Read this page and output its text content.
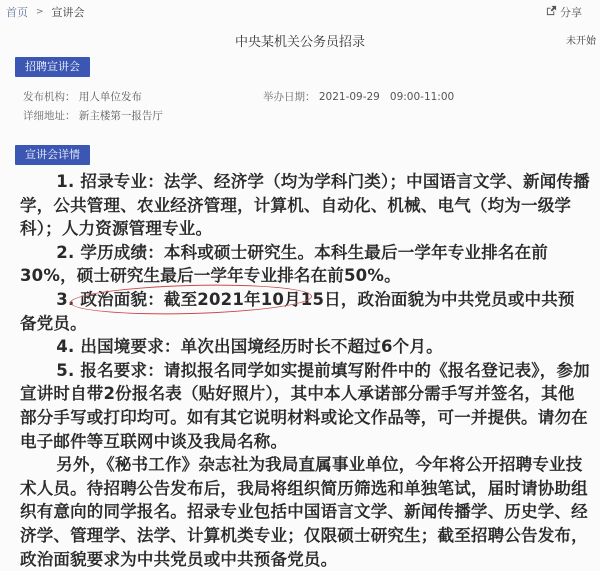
首页 > 宣讲会	分享
中央某机关公务员招录	未开始
招聘宣讲会
发布机构： 用人单位发布	举办日期： 2021-09-29 09:00-11:00
详细地址： 新主楼第一报告厅
宣讲会详情

1. 招录专业：法学、经济学（均为学科门类）；中国语言文学、新闻传播学，公共管理、农业经济管理，计算机、自动化、机械、电气（均为一级学科）；人力资源管理专业。

2. 学历成绩：本科或硕士研究生。本科生最后一学年专业排名在前30%，硕士研究生最后一学年专业排名在前50%。

3. 政治面貌：截至2021年10月15日，政治面貌为中共党员或中共预备党员。

4. 出国境要求：单次出国境经历时长不超过6个月。

5. 报名要求：请拟报名同学如实提前填写附件中的《报名登记表》，参加宣讲时自带2份报名表（贴好照片），其中本人承诺部分需手写并签名，其他部分手写或打印均可。如有其它说明材料或论文作品等，可一并提供。请勿在电子邮件等互联网中谈及我局名称。

另外，《秘书工作》杂志社为我局直属事业单位，今年将公开招聘专业技术人员。待招聘公告发布后，我局将组织简历筛选和单独笔试，届时请协助组织有意向的同学报名。招录专业包括中国语言文学、新闻传播学、历史学、经济学、管理学、法学、计算机类专业；仅限硕士研究生；截至招聘公告发布，政治面貌要求为中共党员或中共预备党员。
